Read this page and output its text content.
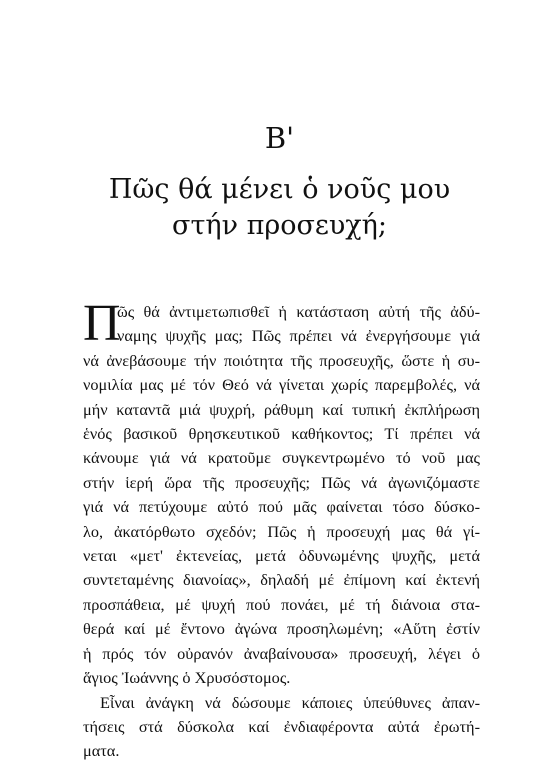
Β'
Πῶς θά μένει ὁ νοῦς μου
στήν προσευχή;
Π
ῶς θά ἀντιμετωπισθεῖ ἡ κατάσταση αὐτή τῆς ἀδύ-
ναμης ψυχῆς μας; Πῶς πρέπει νά ἐνεργήσουμε γιά
νά ἀνεβάσουμε τήν ποιότητα τῆς προσευχῆς, ὥστε ἡ συ-
νομιλία μας μέ τόν Θεό νά γίνεται χωρίς παρεμβολές, νά
μήν καταντᾶ μιά ψυχρή, ράθυμη καί τυπική ἐκπλήρωση
ἑνός βασικοῦ θρησκευτικοῦ καθήκοντος; Τί πρέπει νά
κάνουμε γιά νά κρατοῦμε συγκεντρωμένο τό νοῦ μας
στήν ἱερή ὥρα τῆς προσευχῆς; Πῶς νά ἀγωνιζόμαστε
γιά νά πετύχουμε αὐτό πού μᾶς φαίνεται τόσο δύσκο-
λο, ἀκατόρθωτο σχεδόν; Πῶς ἡ προσευχή μας θά γί-
νεται «μετ' ἐκτενείας, μετά ὀδυνωμένης ψυχῆς, μετά
συντεταμένης διανοίας», δηλαδή μέ ἐπίμονη καί ἐκτενή
προσπάθεια, μέ ψυχή πού πονάει, μέ τή διάνοια στα-
θερά καί μέ ἔντονο ἀγώνα προσηλωμένη; «Αὕτη ἐστίν
ἡ πρός τόν οὐρανόν ἀναβαίνουσα» προσευχή, λέγει ὁ
ἅγιος Ἰωάννης ὁ Χρυσόστομος.
Εἶναι ἀνάγκη νά δώσουμε κάποιες ὑπεύθυνες ἀπαν-
τήσεις στά δύσκολα καί ἐνδιαφέροντα αὐτά ἐρωτή-
ματα.
